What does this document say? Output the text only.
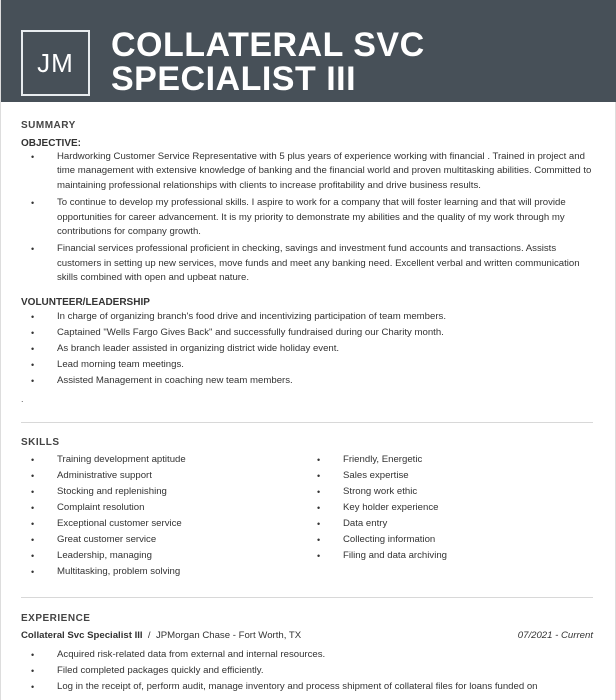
JM	COLLATERAL SVC
SPECIALIST III
SUMMARY
OBJECTIVE:
• Hardworking Customer Service Representative with 5 plus years of experience working with financial . Trained in project and time management with extensive knowledge of banking and the financial world and proven multitasking abilities. Committed to maintaining professional relationships with clients to increase profitability and drive business results.
• To continue to develop my professional skills. I aspire to work for a company that will foster learning and that will provide opportunities for career advancement. It is my priority to demonstrate my abilities and the quality of my work through my contributions for company growth.
• Financial services professional proficient in checking, savings and investment fund accounts and transactions. Assists customers in setting up new services, move funds and meet any banking need. Excellent verbal and written communication skills combined with open and upbeat nature.
VOLUNTEER/LEADERSHIP
• In charge of organizing branch's food drive and incentivizing participation of team members.
• Captained "Wells Fargo Gives Back" and successfully fundraised during our Charity month.
• As branch leader assisted in organizing district wide holiday event.
• Lead morning team meetings.
• Assisted Management in coaching new team members.
.
SKILLS
• Training development aptitude
• Administrative support
• Stocking and replenishing
• Complaint resolution
• Exceptional customer service
• Great customer service
• Leadership, managing
• Multitasking, problem solving
• Friendly, Energetic
• Sales expertise
• Strong work ethic
• Key holder experience
• Data entry
• Collecting information
• Filing and data archiving
EXPERIENCE
Collateral Svc Specialist III / JPMorgan Chase - Fort Worth, TX	07/2021 - Current
• Acquired risk-related data from external and internal resources.
• Filed completed packages quickly and efficiently.
• Log in the receipt of, perform audit, manage inventory and process shipment of collateral files for loans funded on
